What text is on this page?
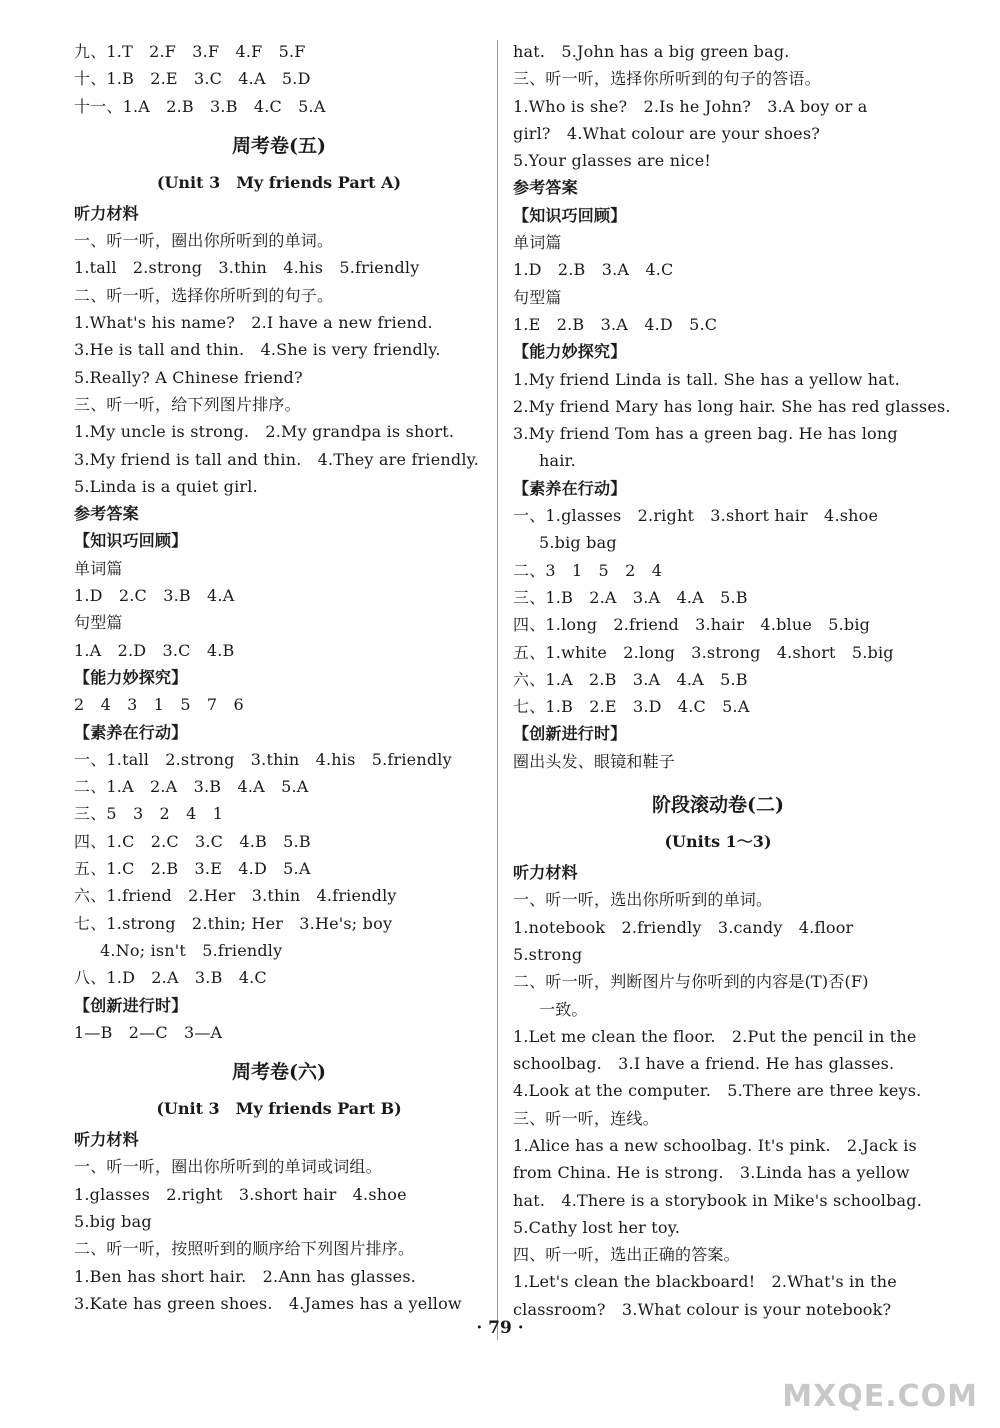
九、1.T　2.F　3.F　4.F　5.F
十、1.B　2.E　3.C　4.A　5.D
十一、1.A　2.B　3.B　4.C　5.A
周考卷(五)
(Unit 3　My friends Part A)
听力材料
一、听一听，圈出你所听到的单词。
1.tall　2.strong　3.thin　4.his　5.friendly
二、听一听，选择你所听到的句子。
1.What's his name?　2.I have a new friend.
3.He is tall and thin.　4.She is very friendly.
5.Really? A Chinese friend?
三、听一听，给下列图片排序。
1.My uncle is strong.　2.My grandpa is short.
3.My friend is tall and thin.　4.They are friendly.
5.Linda is a quiet girl.
参考答案
【知识巧回顾】
单词篇
1.D　2.C　3.B　4.A
句型篇
1.A　2.D　3.C　4.B
【能力妙探究】
2　4　3　1　5　7　6
【素养在行动】
一、1.tall　2.strong　3.thin　4.his　5.friendly
二、1.A　2.A　3.B　4.A　5.A
三、5　3　2　4　1
四、1.C　2.C　3.C　4.B　5.B
五、1.C　2.B　3.E　4.D　5.A
六、1.friend　2.Her　3.thin　4.friendly
七、1.strong　2.thin; Her　3.He's; boy
4.No; isn't　5.friendly
八、1.D　2.A　3.B　4.C
【创新进行时】
1—B　2—C　3—A
周考卷(六)
(Unit 3　My friends Part B)
听力材料
一、听一听，圈出你所听到的单词或词组。
1.glasses　2.right　3.short hair　4.shoe
5.big bag
二、听一听，按照听到的顺序给下列图片排序。
1.Ben has short hair.　2.Ann has glasses.
3.Kate has green shoes.　4.James has a yellow
hat.　5.John has a big green bag.
三、听一听，选择你所听到的句子的答语。
1.Who is she?　2.Is he John?　3.A boy or a
girl?　4.What colour are your shoes?
5.Your glasses are nice!
参考答案
【知识巧回顾】
单词篇
1.D　2.B　3.A　4.C
句型篇
1.E　2.B　3.A　4.D　5.C
【能力妙探究】
1.My friend Linda is tall. She has a yellow hat.
2.My friend Mary has long hair. She has red glasses.
3.My friend Tom has a green bag. He has long
hair.
【素养在行动】
一、1.glasses　2.right　3.short hair　4.shoe
5.big bag
二、3　1　5　2　4
三、1.B　2.A　3.A　4.A　5.B
四、1.long　2.friend　3.hair　4.blue　5.big
五、1.white　2.long　3.strong　4.short　5.big
六、1.A　2.B　3.A　4.A　5.B
七、1.B　2.E　3.D　4.C　5.A
【创新进行时】
圈出头发、眼镜和鞋子
阶段滚动卷(二)
(Units 1～3)
听力材料
一、听一听，选出你所听到的单词。
1.notebook　2.friendly　3.candy　4.floor
5.strong
二、听一听，判断图片与你听到的内容是(T)否(F)
一致。
1.Let me clean the floor.　2.Put the pencil in the
schoolbag.　3.I have a friend. He has glasses.
4.Look at the computer.　5.There are three keys.
三、听一听，连线。
1.Alice has a new schoolbag. It's pink.　2.Jack is
from China. He is strong.　3.Linda has a yellow
hat.　4.There is a storybook in Mike's schoolbag.
5.Cathy lost her toy.
四、听一听，选出正确的答案。
1.Let's clean the blackboard!　2.What's in the
classroom?　3.What colour is your notebook?
· 79 ·
MXQE.COM
